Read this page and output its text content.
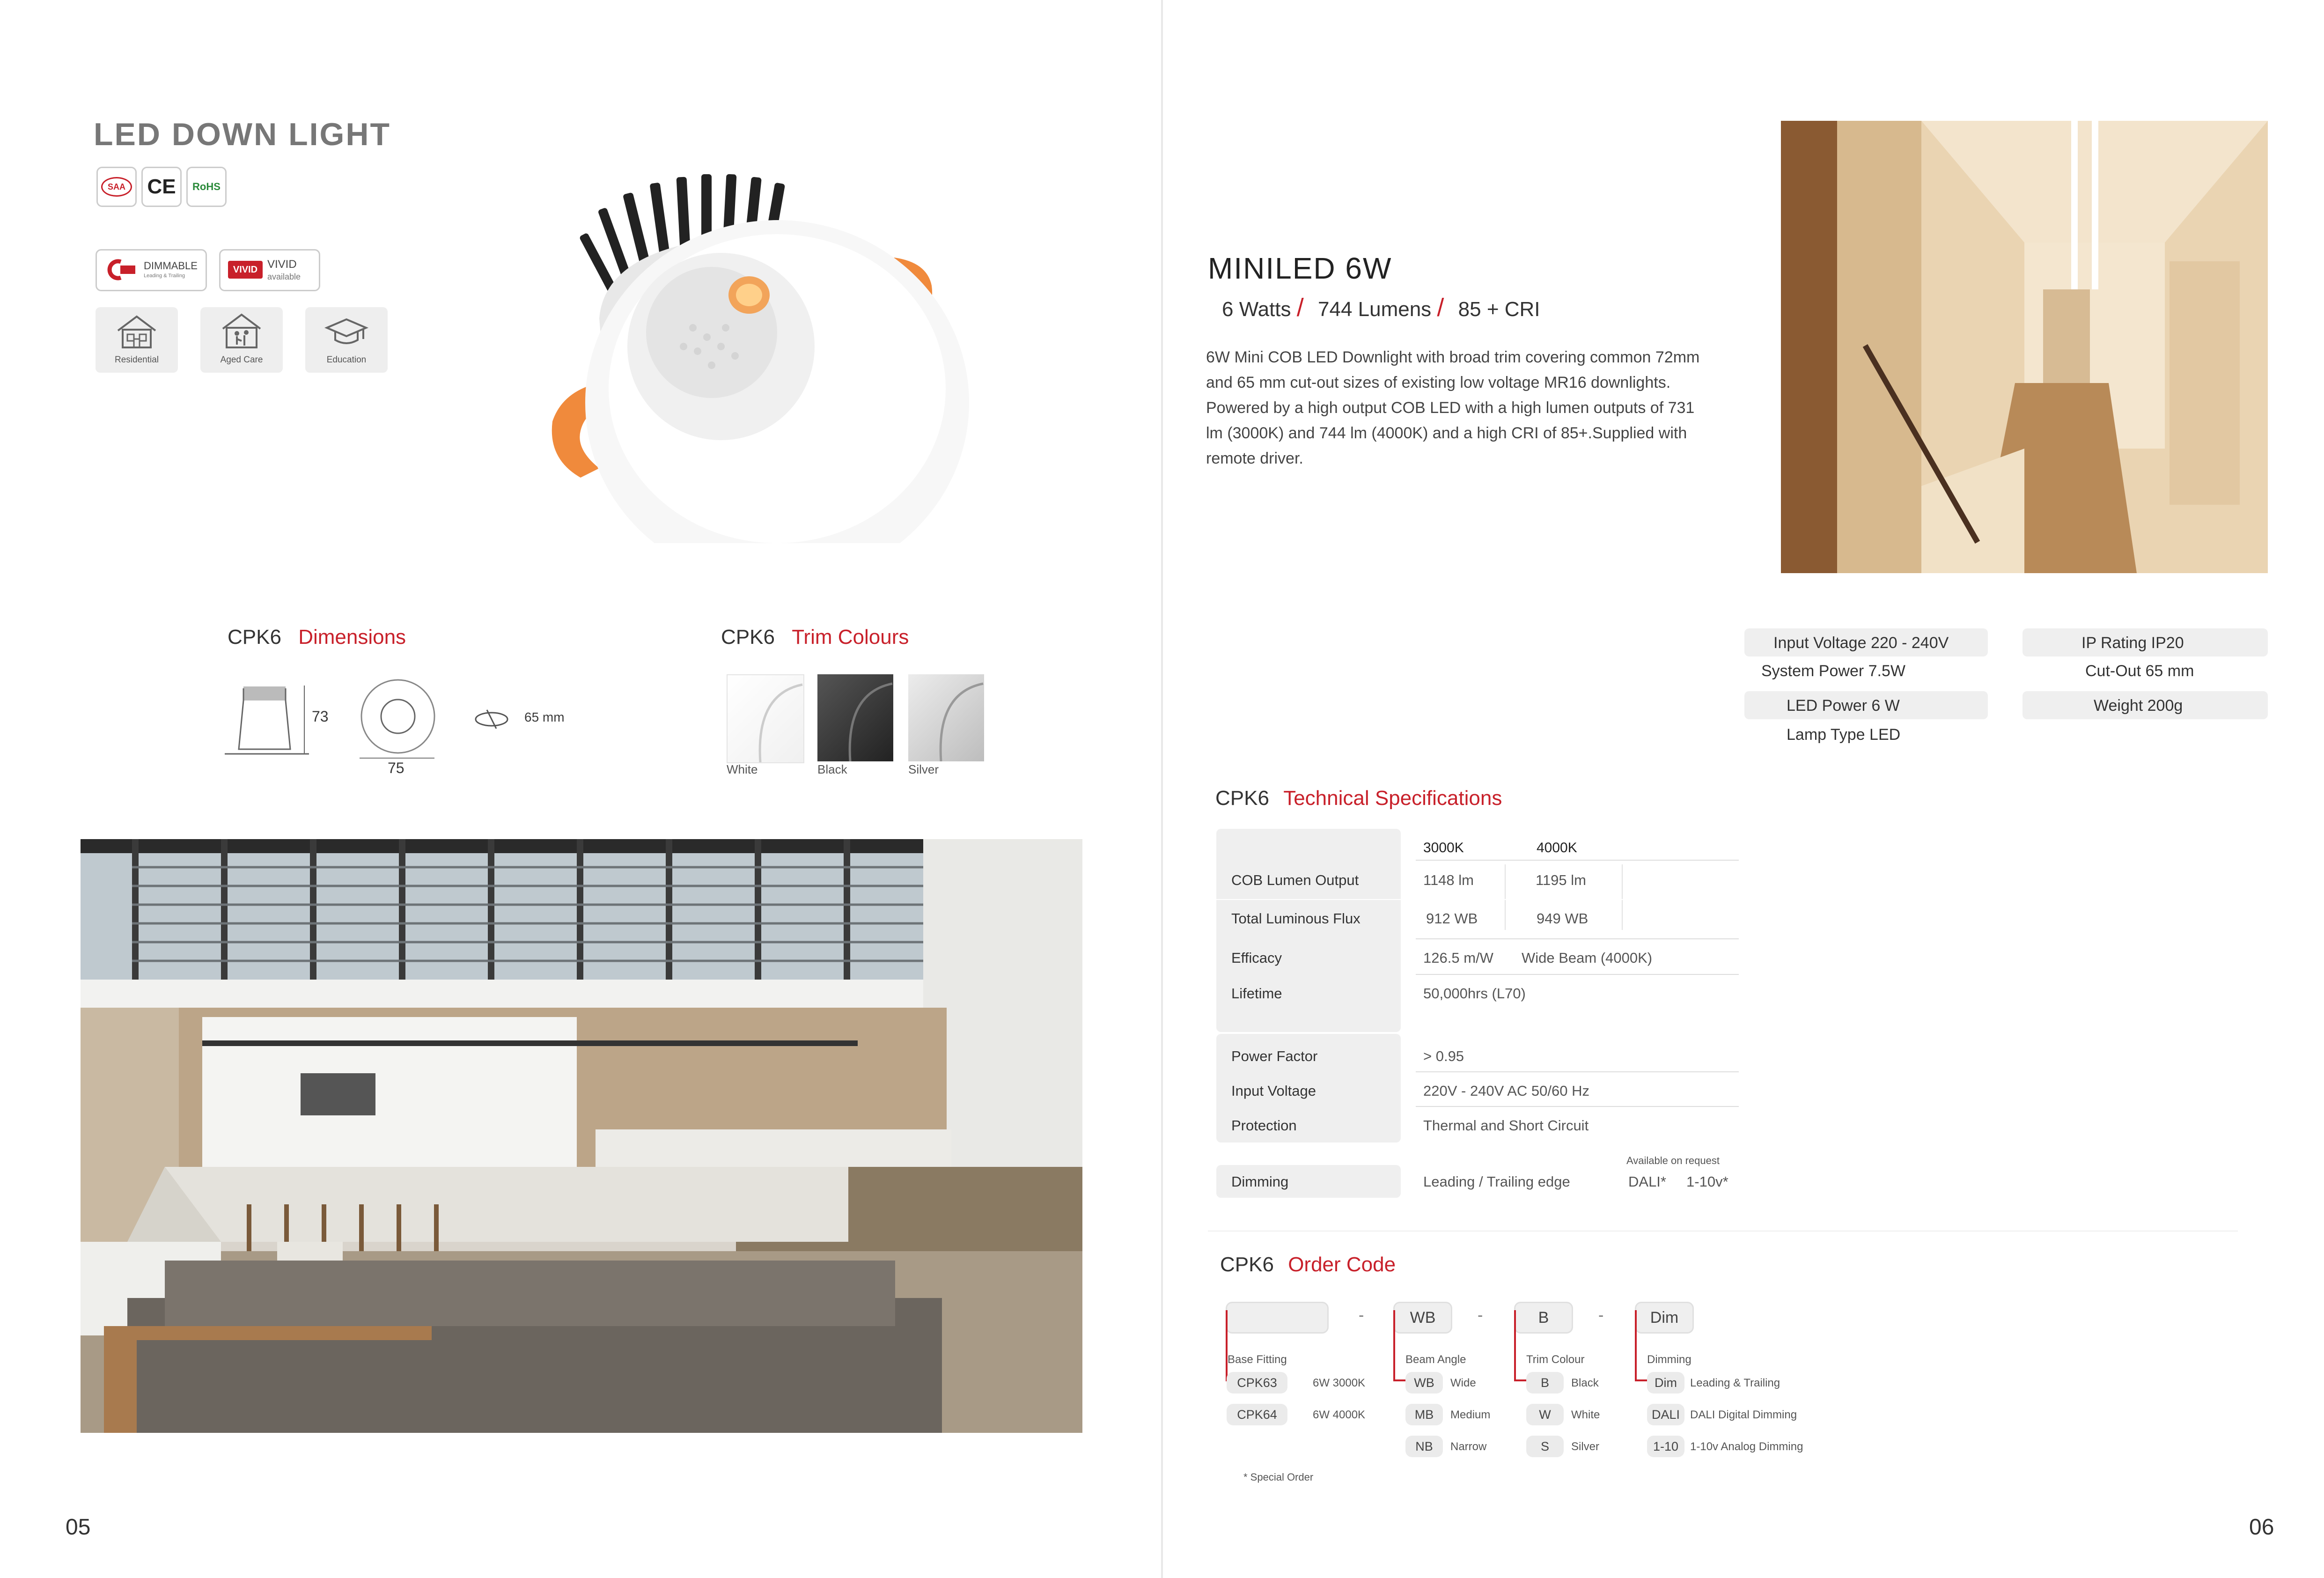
LED DOWN LIGHT
SAA	CE	RoHS
DIMMABLE
Leading & Trailing
VIVID VIVID
available
Residential	Aged Care	Education
CPK6 Dimensions
73
75
65 mm
CPK6 Trim Colours
White	Black	Silver
05
MINILED 6W
6 Watts / 744 Lumens / 85 + CRI
6W Mini COB LED Downlight with broad trim covering common 72mm
and 65 mm cut-out sizes of existing low voltage MR16 downlights.
Powered by a high output COB LED with a high lumen outputs of 731
lm (3000K) and 744 lm (4000K) and a high CRI of 85+.Supplied with
remote driver.
Input Voltage 220 - 240V
System Power 7.5W
LED Power 6 W
Lamp Type LED
IP Rating IP20
Cut-Out 65 mm
Weight 200g
CPK6 Technical Specifications
3000K	4000K
COB Lumen Output	1148 lm	1195 lm
Total Luminous Flux	912 WB	949 WB
Efficacy	126.5 m/W Wide Beam (4000K)
Lifetime	50,000hrs (L70)
Power Factor	> 0.95
Input Voltage	220V - 240V AC 50/60 Hz
Protection	Thermal and Short Circuit
Available on request
Dimming	Leading / Trailing edge	DALI*     1-10v*
CPK6 Order Code
-	WB	-	B	-	Dim
Base Fitting	Beam Angle	Trim Colour	Dimming
CPK63	6W 3000K
CPK64	6W 4000K
WB	Wide
MB	Medium
NB	Narrow
B	Black
W	White
S	Silver
Dim	Leading & Trailing
DALI DALI Digital Dimming
1-10	1-10v Analog Dimming
* Special Order
06
